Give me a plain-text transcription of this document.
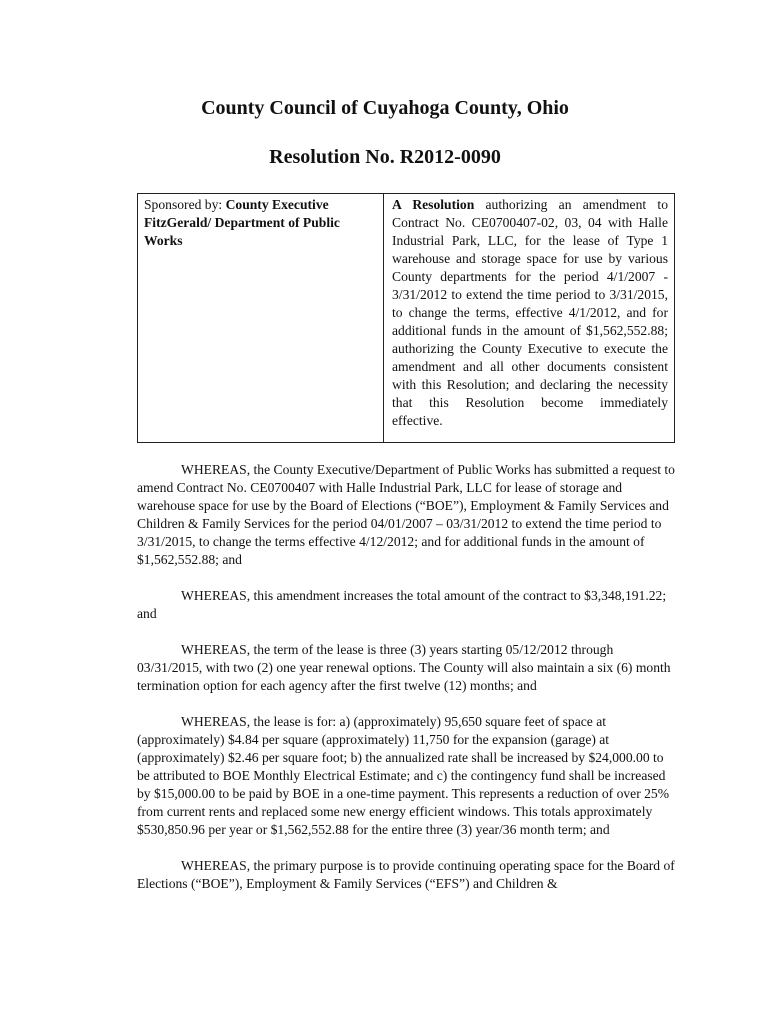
County Council of Cuyahoga County, Ohio
Resolution No. R2012-0090

Sponsored by: County Executive FitzGerald/ Department of Public Works

A Resolution authorizing an amendment to Contract No. CE0700407-02, 03, 04 with Halle Industrial Park, LLC, for the lease of Type 1 warehouse and storage space for use by various County departments for the period 4/1/2007 - 3/31/2012 to extend the time period to 3/31/2015, to change the terms, effective 4/1/2012, and for additional funds in the amount of $1,562,552.88; authorizing the County Executive to execute the amendment and all other documents consistent with this Resolution; and declaring the necessity that this Resolution become immediately effective.

WHEREAS, the County Executive/Department of Public Works has submitted a request to amend Contract No. CE0700407 with Halle Industrial Park, LLC for lease of storage and warehouse space for use by the Board of Elections (“BOE”), Employment & Family Services and Children & Family Services for the period 04/01/2007 – 03/31/2012 to extend the time period to 3/31/2015, to change the terms effective 4/12/2012; and for additional funds in the amount of $1,562,552.88; and

WHEREAS, this amendment increases the total amount of the contract to $3,348,191.22; and

WHEREAS, the term of the lease is three (3) years starting 05/12/2012 through 03/31/2015, with two (2) one year renewal options. The County will also maintain a six (6) month termination option for each agency after the first twelve (12) months; and

WHEREAS, the lease is for: a) (approximately) 95,650 square feet of space at (approximately) $4.84 per square (approximately) 11,750 for the expansion (garage) at (approximately) $2.46 per square foot; b) the annualized rate shall be increased by $24,000.00 to be attributed to BOE Monthly Electrical Estimate; and c) the contingency fund shall be increased by $15,000.00 to be paid by BOE in a one-time payment. This represents a reduction of over 25% from current rents and replaced some new energy efficient windows. This totals approximately $530,850.96 per year or $1,562,552.88 for the entire three (3) year/36 month term; and

WHEREAS, the primary purpose is to provide continuing operating space for the Board of Elections (“BOE”), Employment & Family Services (“EFS”) and Children &
